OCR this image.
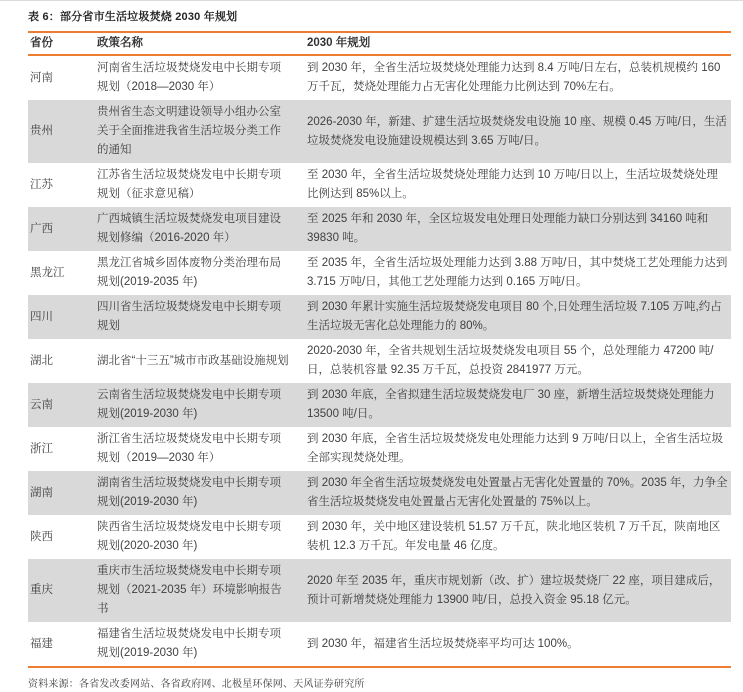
表 6：部分省市生活垃圾焚烧 2030 年规划
省份	政策名称	2030 年规划
河南	河南省生活垃圾焚烧发电中长期专项规划（2018—2030 年）	到 2030 年，全省生活垃圾焚烧处理能力达到 8.4 万吨/日左右，总装机规模约 160 万千瓦，焚烧处理能力占无害化处理能力比例达到 70%左右。
贵州	贵州省生态文明建设领导小组办公室关于全面推进我省生活垃圾分类工作的通知	2026-2030 年，新建、扩建生活垃圾焚烧发电设施 10 座、规模 0.45 万吨/日，生活垃圾焚烧发电设施建设规模达到 3.65 万吨/日。
江苏	江苏省生活垃圾焚烧发电中长期专项规划（征求意见稿）	至 2030 年，全省生活垃圾焚烧处理能力达到 10 万吨/日以上，生活垃圾焚烧处理比例达到 85%以上。
广西	广西城镇生活垃圾焚烧发电项目建设规划修编（2016-2020 年）	至 2025 年和 2030 年，全区垃圾发电处理日处理能力缺口分别达到 34160 吨和 39830 吨。
黑龙江	黑龙江省城乡固体废物分类治理布局规划(2019-2035 年)	至 2035 年，全省生活垃圾处理能力达到 3.88 万吨/日，其中焚烧工艺处理能力达到 3.715 万吨/日，其他工艺处理能力达到 0.165 万吨/日。
四川	四川省生活垃圾焚烧发电中长期专项规划	到 2030 年累计实施生活垃圾焚烧发电项目 80 个,日处理生活垃圾 7.105 万吨,约占生活垃圾无害化总处理能力的 80%。
湖北	湖北省“十三五”城市市政基础设施规划	2020-2030 年，全省共规划生活垃圾焚烧发电项目 55 个，总处理能力 47200 吨/日，总装机容量 92.35 万千瓦，总投资 2841977 万元。
云南	云南省生活垃圾焚烧发电中长期专项规划(2019-2030 年)	到 2030 年底，全省拟建生活垃圾焚烧发电厂 30 座，新增生活垃圾焚烧处理能力 13500 吨/日。
浙江	浙江省生活垃圾焚烧发电中长期专项规划（2019—2030 年）	到 2030 年底，全省生活垃圾焚烧发电处理能力达到 9 万吨/日以上，全省生活垃圾全部实现焚烧处理。
湖南	湖南省生活垃圾焚烧发电中长期专项规划(2019-2030 年)	到 2030 年全省生活垃圾焚烧发电处置量占无害化处置量的 70%。2035 年，力争全省生活垃圾焚烧发电处置量占无害化处置量的 75%以上。
陕西	陕西省生活垃圾焚烧发电中长期专项规划(2020-2030 年)	到 2030 年，关中地区建设装机 51.57 万千瓦，陕北地区装机 7 万千瓦，陕南地区装机 12.3 万千瓦。年发电量 46 亿度。
重庆	重庆市生活垃圾焚烧发电中长期专项规划（2021-2035 年）环境影响报告书	2020 年至 2035 年，重庆市规划新（改、扩）建垃圾焚烧厂 22 座，项目建成后，预计可新增焚烧处理能力 13900 吨/日，总投入资金 95.18 亿元。
福建	福建省生活垃圾焚烧发电中长期专项规划(2019-2030 年)	到 2030 年，福建省生活垃圾焚烧率平均可达 100%。
资料来源：各省发改委网站、各省政府网、北极星环保网、天风证券研究所
